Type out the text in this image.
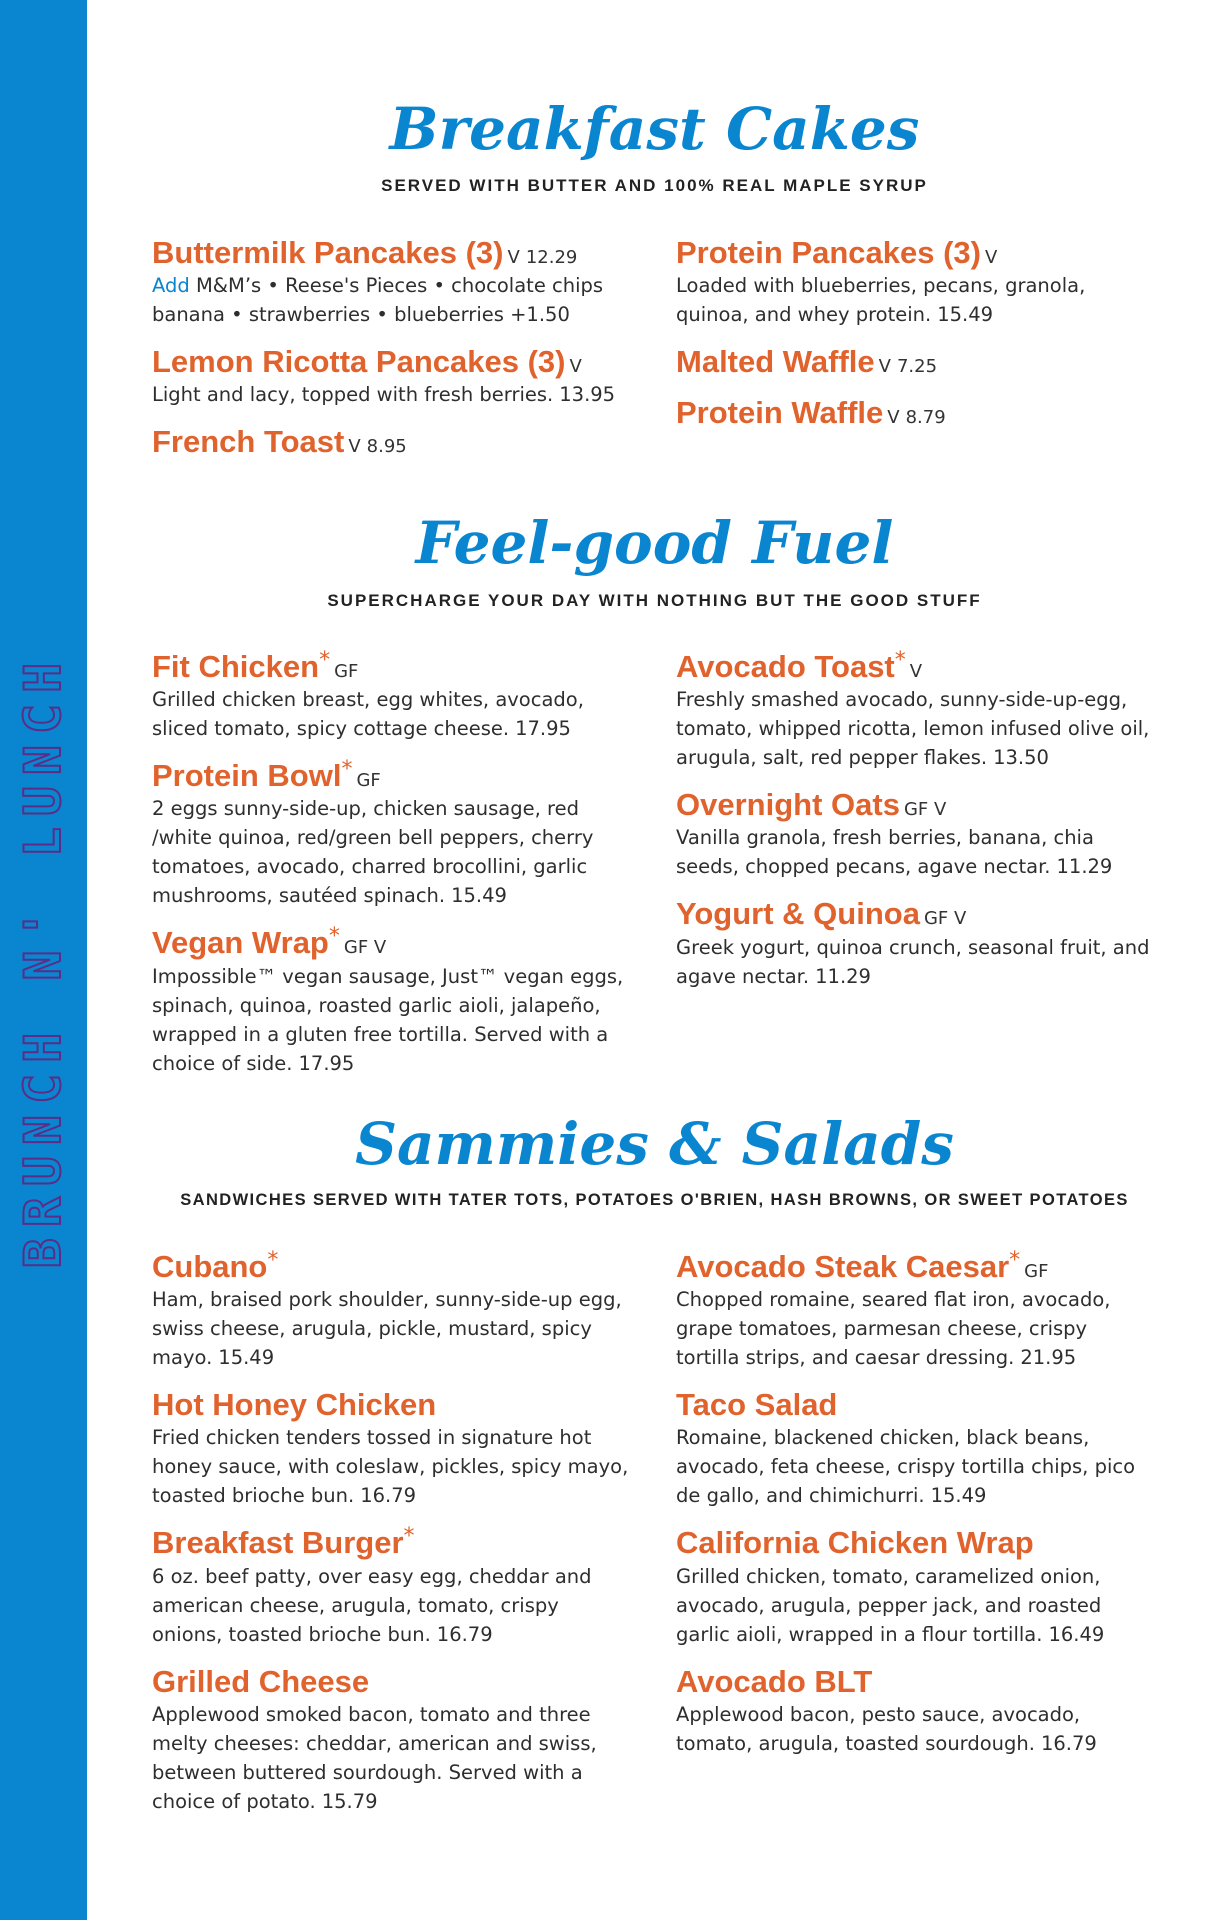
BRUNCH N' LUNCH
Breakfast Cakes
SERVED WITH BUTTER AND 100% REAL MAPLE SYRUP
Buttermilk Pancakes (3) V 12.29
Add M&M’s • Reese's Pieces • chocolate chips
banana • strawberries • blueberries +1.50
Lemon Ricotta Pancakes (3) V
Light and lacy, topped with fresh berries. 13.95
French Toast V 8.95
Protein Pancakes (3) V
Loaded with blueberries, pecans, granola, quinoa, and whey protein. 15.49
Malted Waffle V 7.25
Protein Waffle V 8.79
Feel-good Fuel
SUPERCHARGE YOUR DAY WITH NOTHING BUT THE GOOD STUFF
Fit Chicken* GF
Grilled chicken breast, egg whites, avocado, sliced tomato, spicy cottage cheese. 17.95
Protein Bowl* GF
2 eggs sunny-side-up, chicken sausage, red /white quinoa, red/green bell peppers, cherry tomatoes, avocado, charred brocollini, garlic mushrooms, sautéed spinach. 15.49
Vegan Wrap* GF V
Impossible™ vegan sausage, Just™ vegan eggs, spinach, quinoa, roasted garlic aioli, jalapeño, wrapped in a gluten free tortilla. Served with a choice of side. 17.95
Avocado Toast* V
Freshly smashed avocado, sunny-side-up-egg, tomato, whipped ricotta, lemon infused olive oil, arugula, salt, red pepper flakes. 13.50
Overnight Oats GF V
Vanilla granola, fresh berries, banana, chia seeds, chopped pecans, agave nectar. 11.29
Yogurt & Quinoa GF V
Greek yogurt, quinoa crunch, seasonal fruit, and agave nectar. 11.29
Sammies & Salads
SANDWICHES SERVED WITH TATER TOTS, POTATOES O'BRIEN, HASH BROWNS, OR SWEET POTATOES
Cubano*
Ham, braised pork shoulder, sunny-side-up egg, swiss cheese, arugula, pickle, mustard, spicy mayo. 15.49
Hot Honey Chicken
Fried chicken tenders tossed in signature hot honey sauce, with coleslaw, pickles, spicy mayo, toasted brioche bun. 16.79
Breakfast Burger*
6 oz. beef patty, over easy egg, cheddar and american cheese, arugula, tomato, crispy onions, toasted brioche bun. 16.79
Grilled Cheese
Applewood smoked bacon, tomato and three melty cheeses: cheddar, american and swiss, between buttered sourdough. Served with a choice of potato. 15.79
Avocado Steak Caesar* GF
Chopped romaine, seared flat iron, avocado, grape tomatoes, parmesan cheese, crispy tortilla strips, and caesar dressing. 21.95
Taco Salad
Romaine, blackened chicken, black beans, avocado, feta cheese, crispy tortilla chips, pico de gallo, and chimichurri. 15.49
California Chicken Wrap
Grilled chicken, tomato, caramelized onion, avocado, arugula, pepper jack, and roasted garlic aioli, wrapped in a flour tortilla. 16.49
Avocado BLT
Applewood bacon, pesto sauce, avocado, tomato, arugula, toasted sourdough. 16.79
